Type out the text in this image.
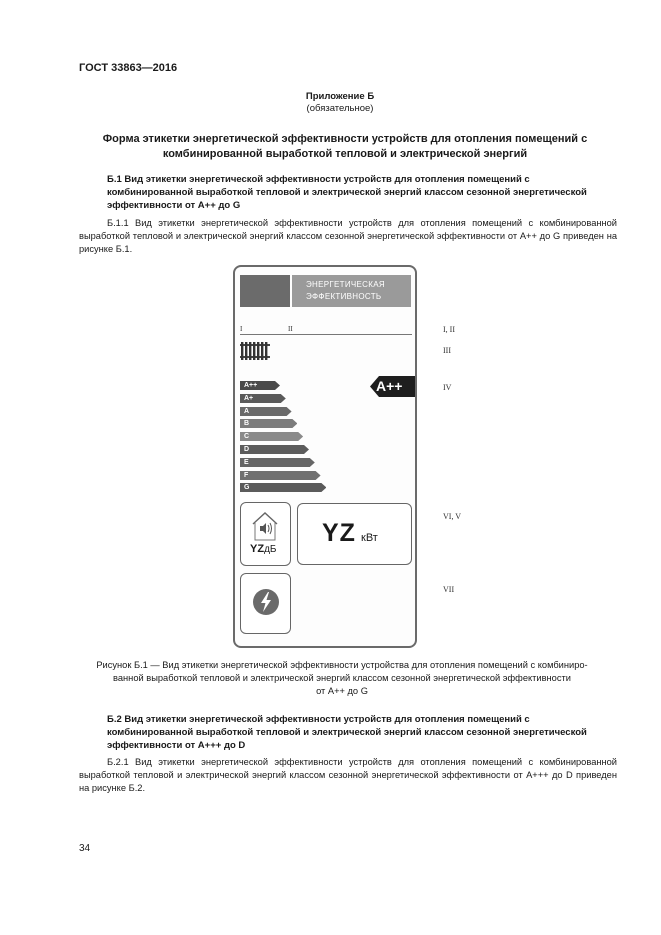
ГОСТ 33863—2016
Приложение Б
(обязательное)
Форма этикетки энергетической эффективности устройств для отопления помещений с комбинированной выработкой тепловой и электрической энергий
Б.1 Вид этикетки энергетической эффективности устройств для отопления помещений с комбинированной выработкой тепловой и электрической энергий классом сезонной энергетической эффективности от А++ до G
Б.1.1 Вид этикетки энергетической эффективности устройств для отопления помещений с комбинированной выработкой тепловой и электрической энергий классом сезонной энергетической эффективности от А++ до G приведен на рисунке Б.1.
ЭНЕРГЕТИЧЕСКАЯ
ЭФФЕКТИВНОСТЬ
I	II
A++
A+
A
B
C
D
E
F
G
A++
YZдБ
YZ кВт
I, II
III
IV
VI, V
VII
Рисунок Б.1 — Вид этикетки энергетической эффективности устройства для отопления помещений с комбиниро-
ванной выработкой тепловой и электрической энергий классом сезонной энергетической эффективности
от А++ до G
Б.2 Вид этикетки энергетической эффективности устройств для отопления помещений с комбинированной выработкой тепловой и электрической энергий классом сезонной энергетической эффективности от А+++ до D
Б.2.1 Вид этикетки энергетической эффективности устройств для отопления помещений с комбинированной выработкой тепловой и электрической энергий классом сезонной энергетической эффективности от А+++ до D приведен на рисунке Б.2.
34
